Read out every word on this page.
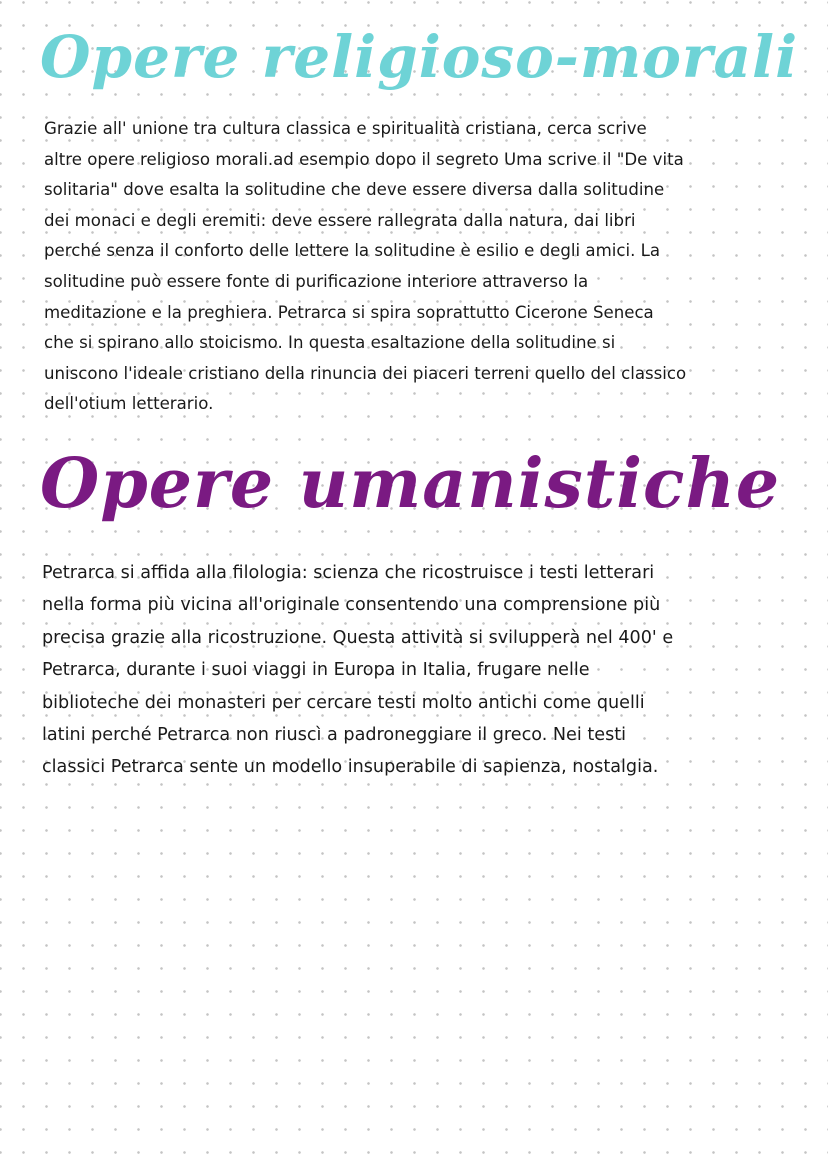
Opere religioso-morali
Grazie all' unione tra cultura classica e spiritualità cristiana, cerca scrive
altre opere religioso morali.ad esempio dopo il segreto Uma scrive il "De vita
solitaria" dove esalta la solitudine che deve essere diversa dalla solitudine
dei monaci e degli eremiti: deve essere rallegrata dalla natura, dai libri
perché senza il conforto delle lettere la solitudine è esilio e degli amici. La
solitudine può essere fonte di purificazione interiore attraverso la
meditazione e la preghiera. Petrarca si spira soprattutto Cicerone Seneca
che si spirano allo stoicismo. In questa esaltazione della solitudine si
uniscono l'ideale cristiano della rinuncia dei piaceri terreni quello del classico
dell'otium letterario.
Opere umanistiche
Petrarca si affida alla filologia: scienza che ricostruisce i testi letterari
nella forma più vicina all'originale consentendo una comprensione più
precisa grazie alla ricostruzione. Questa attività si svilupperà nel 400' e
Petrarca, durante i suoi viaggi in Europa in Italia, frugare nelle
biblioteche dei monasteri per cercare testi molto antichi come quelli
latini perché Petrarca non riuscì a padroneggiare il greco. Nei testi
classici Petrarca sente un modello insuperabile di sapienza, nostalgia.
